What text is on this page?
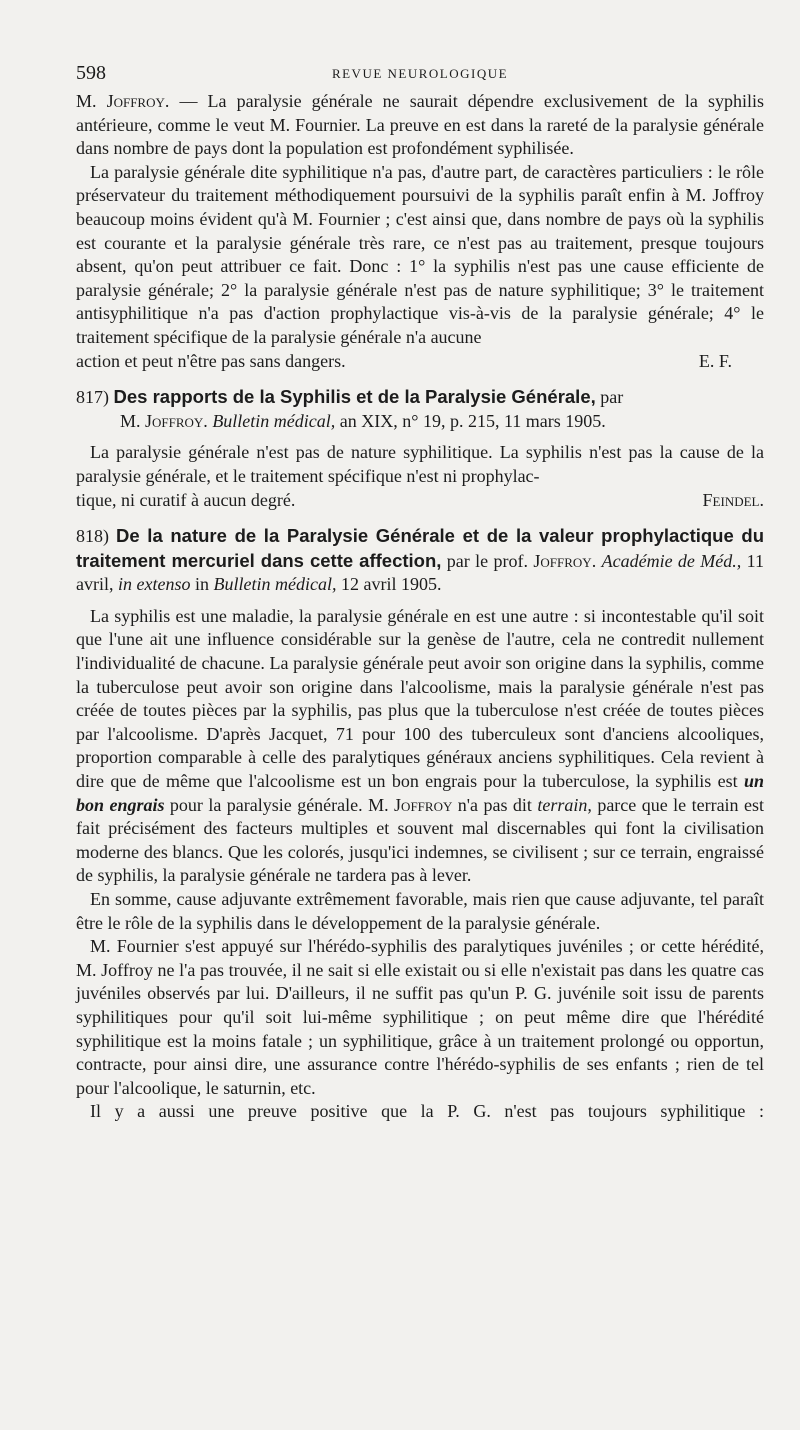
598	REVUE NEUROLOGIQUE

M. Joffroy. — La paralysie générale ne saurait dépendre exclusivement de la syphilis antérieure, comme le veut M. Fournier. La preuve en est dans la rareté de la paralysie générale dans nombre de pays dont la population est profondément syphilisée.

La paralysie générale dite syphilitique n'a pas, d'autre part, de caractères particuliers : le rôle préservateur du traitement méthodiquement poursuivi de la syphilis paraît enfin à M. Joffroy beaucoup moins évident qu'à M. Fournier ; c'est ainsi que, dans nombre de pays où la syphilis est courante et la paralysie générale très rare, ce n'est pas au traitement, presque toujours absent, qu'on peut attribuer ce fait. Donc : 1° la syphilis n'est pas une cause efficiente de paralysie générale; 2° la paralysie générale n'est pas de nature syphilitique; 3° le traitement antisyphilitique n'a pas d'action prophylactique vis-à-vis de la paralysie générale; 4° le traitement spécifique de la paralysie générale n'a aucune

action et peut n'être pas sans dangers.	E. F.

817) Des rapports de la Syphilis et de la Paralysie Générale, par
M. Joffroy. Bulletin médical, an XIX, n° 19, p. 215, 11 mars 1905.

La paralysie générale n'est pas de nature syphilitique. La syphilis n'est pas la cause de la paralysie générale, et le traitement spécifique n'est ni prophylac-

tique, ni curatif à aucun degré.	Feindel.

818) De la nature de la Paralysie Générale et de la valeur prophylactique du traitement mercuriel dans cette affection, par le prof. Joffroy. Académie de Méd., 11 avril, in extenso in Bulletin médical, 12 avril 1905.

La syphilis est une maladie, la paralysie générale en est une autre : si incontestable qu'il soit que l'une ait une influence considérable sur la genèse de l'autre, cela ne contredit nullement l'individualité de chacune. La paralysie générale peut avoir son origine dans la syphilis, comme la tuberculose peut avoir son origine dans l'alcoolisme, mais la paralysie générale n'est pas créée de toutes pièces par la syphilis, pas plus que la tuberculose n'est créée de toutes pièces par l'alcoolisme. D'après Jacquet, 71 pour 100 des tuberculeux sont d'anciens alcooliques, proportion comparable à celle des paralytiques généraux anciens syphilitiques. Cela revient à dire que de même que l'alcoolisme est un bon engrais pour la tuberculose, la syphilis est un bon engrais pour la paralysie générale. M. Joffroy n'a pas dit terrain, parce que le terrain est fait précisément des facteurs multiples et souvent mal discernables qui font la civilisation moderne des blancs. Que les colorés, jusqu'ici indemnes, se civilisent ; sur ce terrain, engraissé de syphilis, la paralysie générale ne tardera pas à lever.

En somme, cause adjuvante extrêmement favorable, mais rien que cause adjuvante, tel paraît être le rôle de la syphilis dans le développement de la paralysie générale.

M. Fournier s'est appuyé sur l'hérédo-syphilis des paralytiques juvéniles ; or cette hérédité, M. Joffroy ne l'a pas trouvée, il ne sait si elle existait ou si elle n'existait pas dans les quatre cas juvéniles observés par lui. D'ailleurs, il ne suffit pas qu'un P. G. juvénile soit issu de parents syphilitiques pour qu'il soit lui-même syphilitique ; on peut même dire que l'hérédité syphilitique est la moins fatale ; un syphilitique, grâce à un traitement prolongé ou opportun, contracte, pour ainsi dire, une assurance contre l'hérédo-syphilis de ses enfants ; rien de tel pour l'alcoolique, le saturnin, etc.

Il y a aussi une preuve positive que la P. G. n'est pas toujours syphilitique :
